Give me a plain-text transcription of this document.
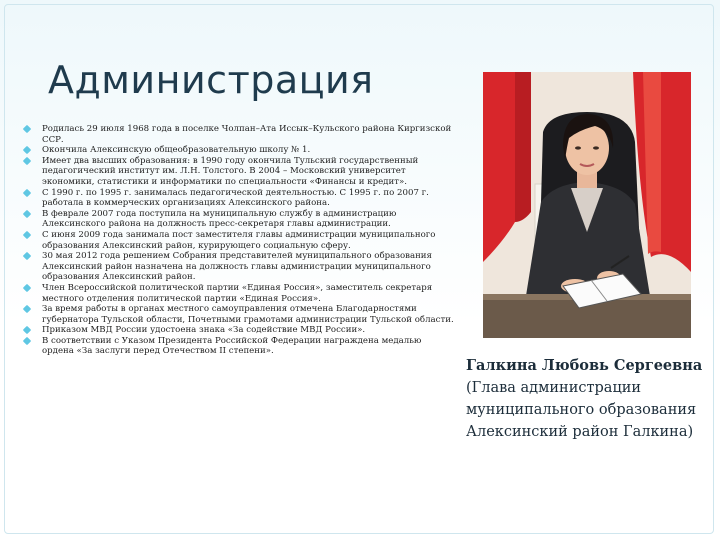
Администрация
Родилась 29 июля 1968 года в поселке Чолпан–Ата Иссык–Кульского района Киргизской ССР.
Окончила Алексинскую общеобразовательную школу № 1.
Имеет два высших образования: в 1990 году окончила Тульский государственный педагогический институт им. Л.Н. Толстого. В 2004 – Московский университет экономики, статистики и информатики по специальности «Финансы и кредит».
С 1990 г. по 1995 г. занималась педагогической деятельностью. С 1995 г. по 2007 г. работала в коммерческих организациях Алексинского района.
В феврале 2007 года поступила на муниципальную службу в администрацию Алексинского района на должность пресс-секретаря главы администрации.
С июня 2009 года занимала пост заместителя главы администрации муниципального образования Алексинский район, курирующего социальную сферу.
30 мая 2012 года решением Собрания представителей муниципального образования Алексинский район назначена на должность главы администрации муниципального образования Алексинский район.
Член Всероссийской политической партии «Единая Россия», заместитель секретаря местного отделения политической партии «Единая Россия».
За время работы в органах местного самоуправления отмечена Благодарностями губернатора Тульской области, Почетными грамотами администрации Тульской области.
Приказом МВД России удостоена знака «За содействие МВД России».
В соответствии с Указом Президента Российской Федерации награждена медалью ордена «За заслуги перед Отечеством II степени».
Галкина Любовь Сергеевна
(Глава администрации
муниципального образования
Алексинский район Галкина)
